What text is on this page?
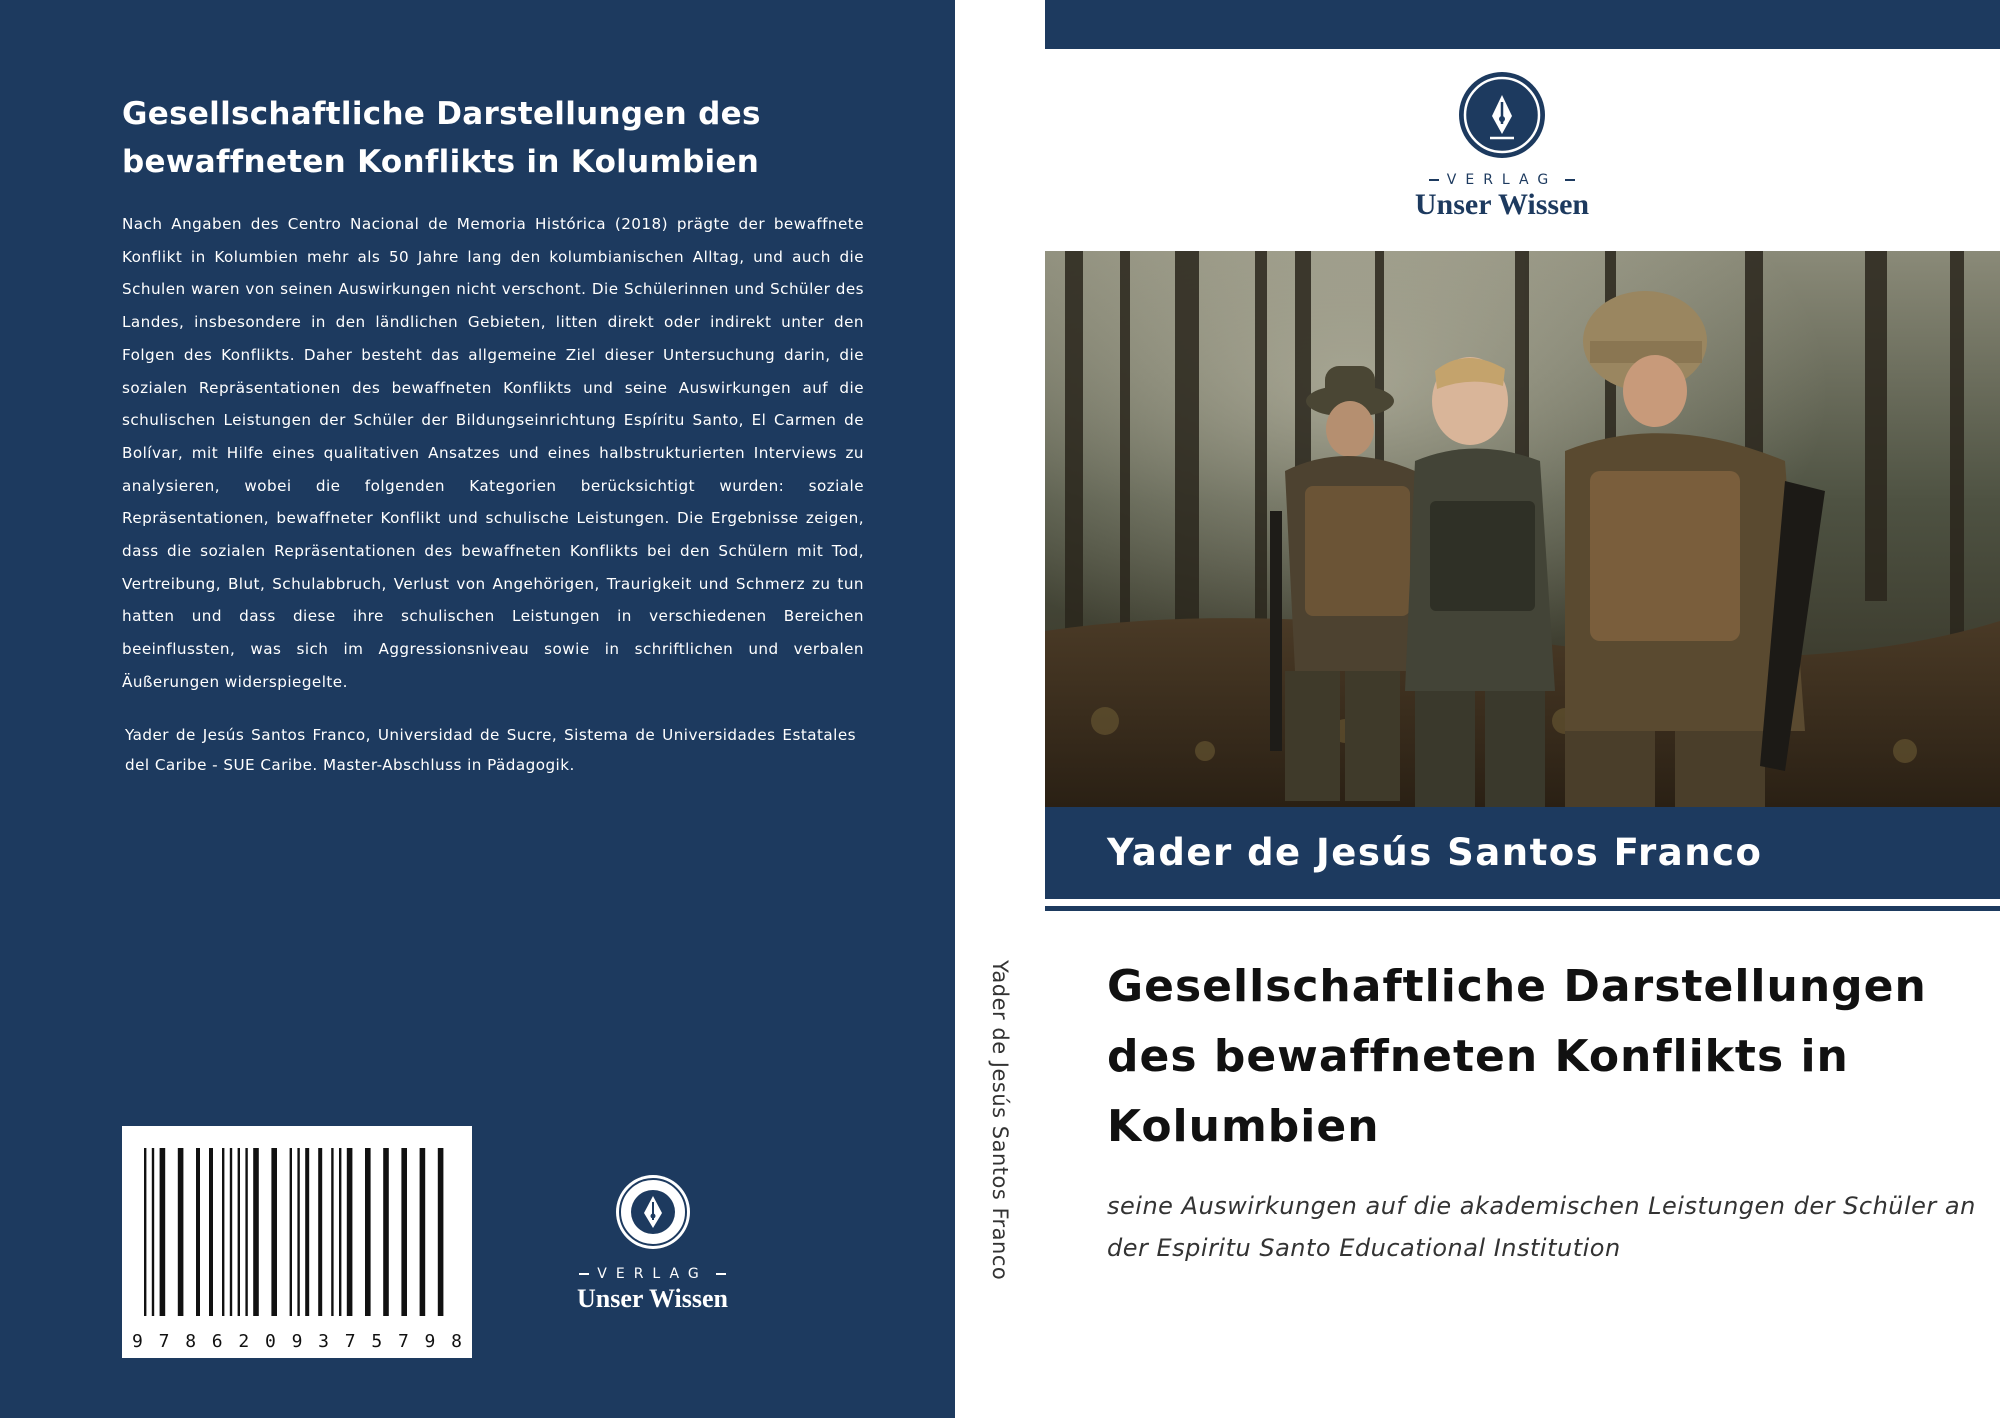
Gesellschaftliche Darstellungen des bewaffneten Konflikts in Kolumbien

Nach Angaben des Centro Nacional de Memoria Histórica (2018) prägte der bewaffnete Konflikt in Kolumbien mehr als 50 Jahre lang den kolumbianischen Alltag, und auch die Schulen waren von seinen Auswirkungen nicht verschont. Die Schülerinnen und Schüler des Landes, insbesondere in den ländlichen Gebieten, litten direkt oder indirekt unter den Folgen des Konflikts. Daher besteht das allgemeine Ziel dieser Untersuchung darin, die sozialen Repräsentationen des bewaffneten Konflikts und seine Auswirkungen auf die schulischen Leistungen der Schüler der Bildungseinrichtung Espíritu Santo, El Carmen de Bolívar, mit Hilfe eines qualitativen Ansatzes und eines halbstrukturierten Interviews zu analysieren, wobei die folgenden Kategorien berücksichtigt wurden: soziale Repräsentationen, bewaffneter Konflikt und schulische Leistungen. Die Ergebnisse zeigen, dass die sozialen Repräsentationen des bewaffneten Konflikts bei den Schülern mit Tod, Vertreibung, Blut, Schulabbruch, Verlust von Angehörigen, Traurigkeit und Schmerz zu tun hatten und dass diese ihre schulischen Leistungen in verschiedenen Bereichen beeinflussten, was sich im Aggressionsniveau sowie in schriftlichen und verbalen Äußerungen widerspiegelte.

Yader de Jesús Santos Franco, Universidad de Sucre, Sistema de Universidades Estatales del Caribe - SUE Caribe. Master-Abschluss in Pädagogik.

9 7 8 6 2 0 9 3 7 5 7 9 8
VERLAG
Unser Wissen
Yader de Jesús Santos Franco
VERLAG
Unser Wissen
Yader de Jesús Santos Franco
Gesellschaftliche Darstellungen des bewaffneten Konflikts in Kolumbien

seine Auswirkungen auf die akademischen Leistungen der Schüler an der Espiritu Santo Educational Institution
